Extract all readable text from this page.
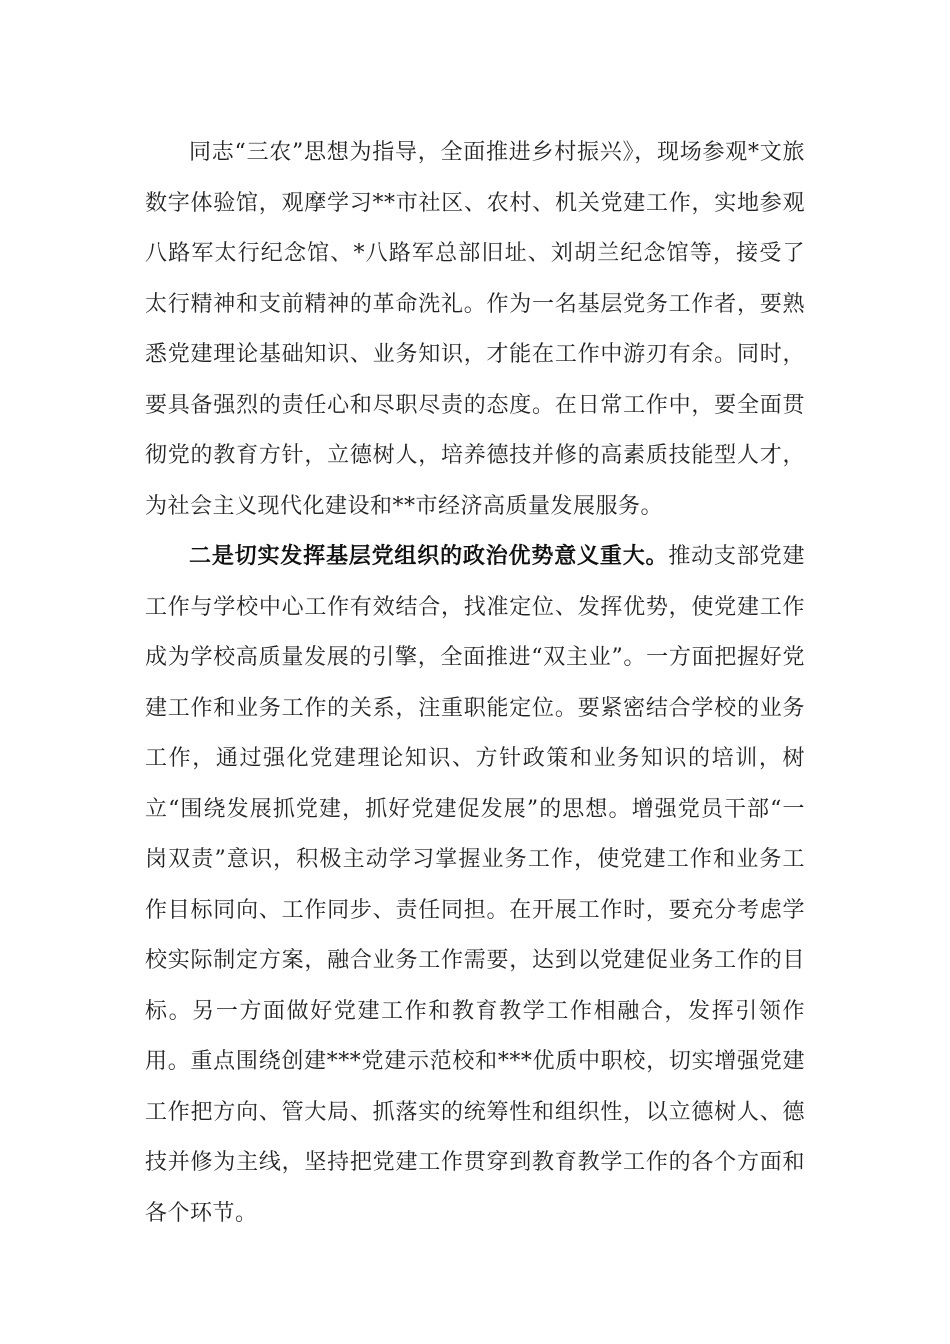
同志“三农”思想为指导，全面推进乡村振兴》，现场参观*文旅数字体验馆，观摩学习**市社区、农村、机关党建工作，实地参观八路军太行纪念馆、*八路军总部旧址、刘胡兰纪念馆等，接受了太行精神和支前精神的革命洗礼。作为一名基层党务工作者，要熟悉党建理论基础知识、业务知识，才能在工作中游刃有余。同时，要具备强烈的责任心和尽职尽责的态度。在日常工作中，要全面贯彻党的教育方针，立德树人，培养德技并修的高素质技能型人才，为社会主义现代化建设和**市经济高质量发展服务。

二是切实发挥基层党组织的政治优势意义重大。推动支部党建工作与学校中心工作有效结合，找准定位、发挥优势，使党建工作成为学校高质量发展的引擎，全面推进“双主业”。一方面把握好党建工作和业务工作的关系，注重职能定位。要紧密结合学校的业务工作，通过强化党建理论知识、方针政策和业务知识的培训，树立“围绕发展抓党建，抓好党建促发展”的思想。增强党员干部“一岗双责”意识，积极主动学习掌握业务工作，使党建工作和业务工作目标同向、工作同步、责任同担。在开展工作时，要充分考虑学校实际制定方案，融合业务工作需要，达到以党建促业务工作的目标。另一方面做好党建工作和教育教学工作相融合，发挥引领作用。重点围绕创建***党建示范校和***优质中职校，切实增强党建工作把方向、管大局、抓落实的统筹性和组织性，以立德树人、德技并修为主线，坚持把党建工作贯穿到教育教学工作的各个方面和各个环节。
